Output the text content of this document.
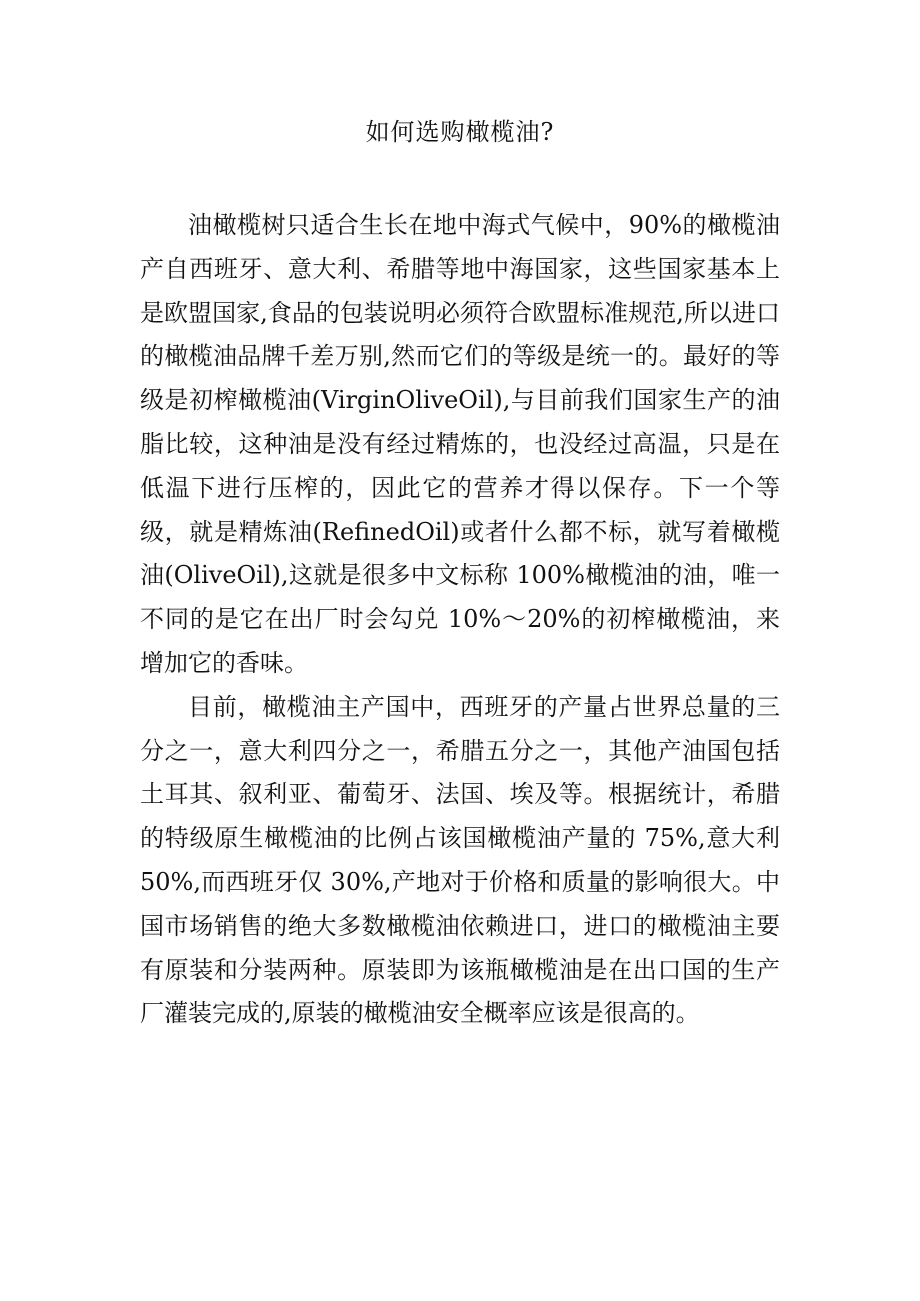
如何选购橄榄油?

油橄榄树只适合生长在地中海式气候中，90%的橄榄油产自西班牙、意大利、希腊等地中海国家，这些国家基本上是欧盟国家,食品的包装说明必须符合欧盟标准规范,所以进口的橄榄油品牌千差万别,然而它们的等级是统一的。最好的等级是初榨橄榄油(VirginOliveOil),与目前我们国家生产的油脂比较，这种油是没有经过精炼的，也没经过高温，只是在低温下进行压榨的，因此它的营养才得以保存。下一个等级，就是精炼油(RefinedOil)或者什么都不标，就写着橄榄油(OliveOil),这就是很多中文标称 100%橄榄油的油，唯一不同的是它在出厂时会勾兑 10%～20%的初榨橄榄油，来增加它的香味。

目前，橄榄油主产国中，西班牙的产量占世界总量的三分之一，意大利四分之一，希腊五分之一，其他产油国包括土耳其、叙利亚、葡萄牙、法国、埃及等。根据统计，希腊的特级原生橄榄油的比例占该国橄榄油产量的 75%,意大利 50%,而西班牙仅 30%,产地对于价格和质量的影响很大。中国市场销售的绝大多数橄榄油依赖进口，进口的橄榄油主要有原装和分装两种。原装即为该瓶橄榄油是在出口国的生产厂灌装完成的,原装的橄榄油安全概率应该是很高的。
